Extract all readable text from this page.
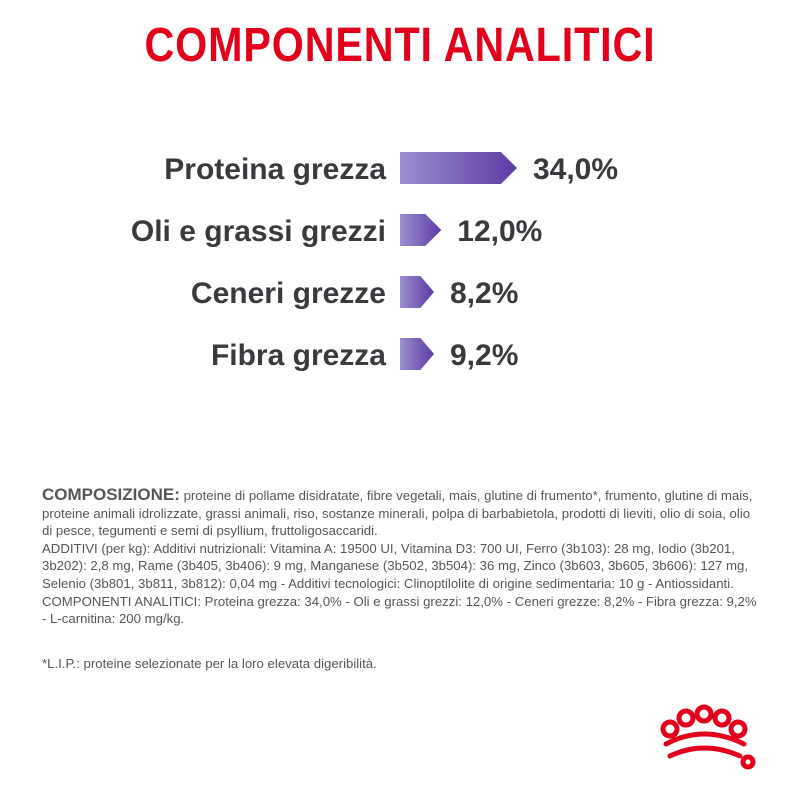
COMPONENTI ANALITICI
Proteina grezza	34,0%
Oli e grassi grezzi 12,0%
Ceneri grezze 8,2%
Fibra grezza 9,2%

COMPOSIZIONE: proteine di pollame disidratate, fibre vegetali, mais, glutine di frumento*, frumento, glutine di mais, proteine animali idrolizzate, grassi animali, riso, sostanze minerali, polpa di barbabietola, prodotti di lieviti, olio di soia, olio di pesce, tegumenti e semi di psyllium, fruttoligosaccaridi.

ADDITIVI (per kg): Additivi nutrizionali: Vitamina A: 19500 UI, Vitamina D3: 700 UI, Ferro (3b103): 28 mg, Iodio (3b201, 3b202): 2,8 mg, Rame (3b405, 3b406): 9 mg, Manganese (3b502, 3b504): 36 mg, Zinco (3b603, 3b605, 3b606): 127 mg, Selenio (3b801, 3b811, 3b812): 0,04 mg - Additivi tecnologici: Clinoptilolite di origine sedimentaria: 10 g - Antiossidanti.

COMPONENTI ANALITICI: Proteina grezza: 34,0% - Oli e grassi grezzi: 12,0% - Ceneri grezze: 8,2% - Fibra grezza: 9,2% - L-carnitina: 200 mg/kg.

*L.I.P.: proteine selezionate per la loro elevata digeribilità.
